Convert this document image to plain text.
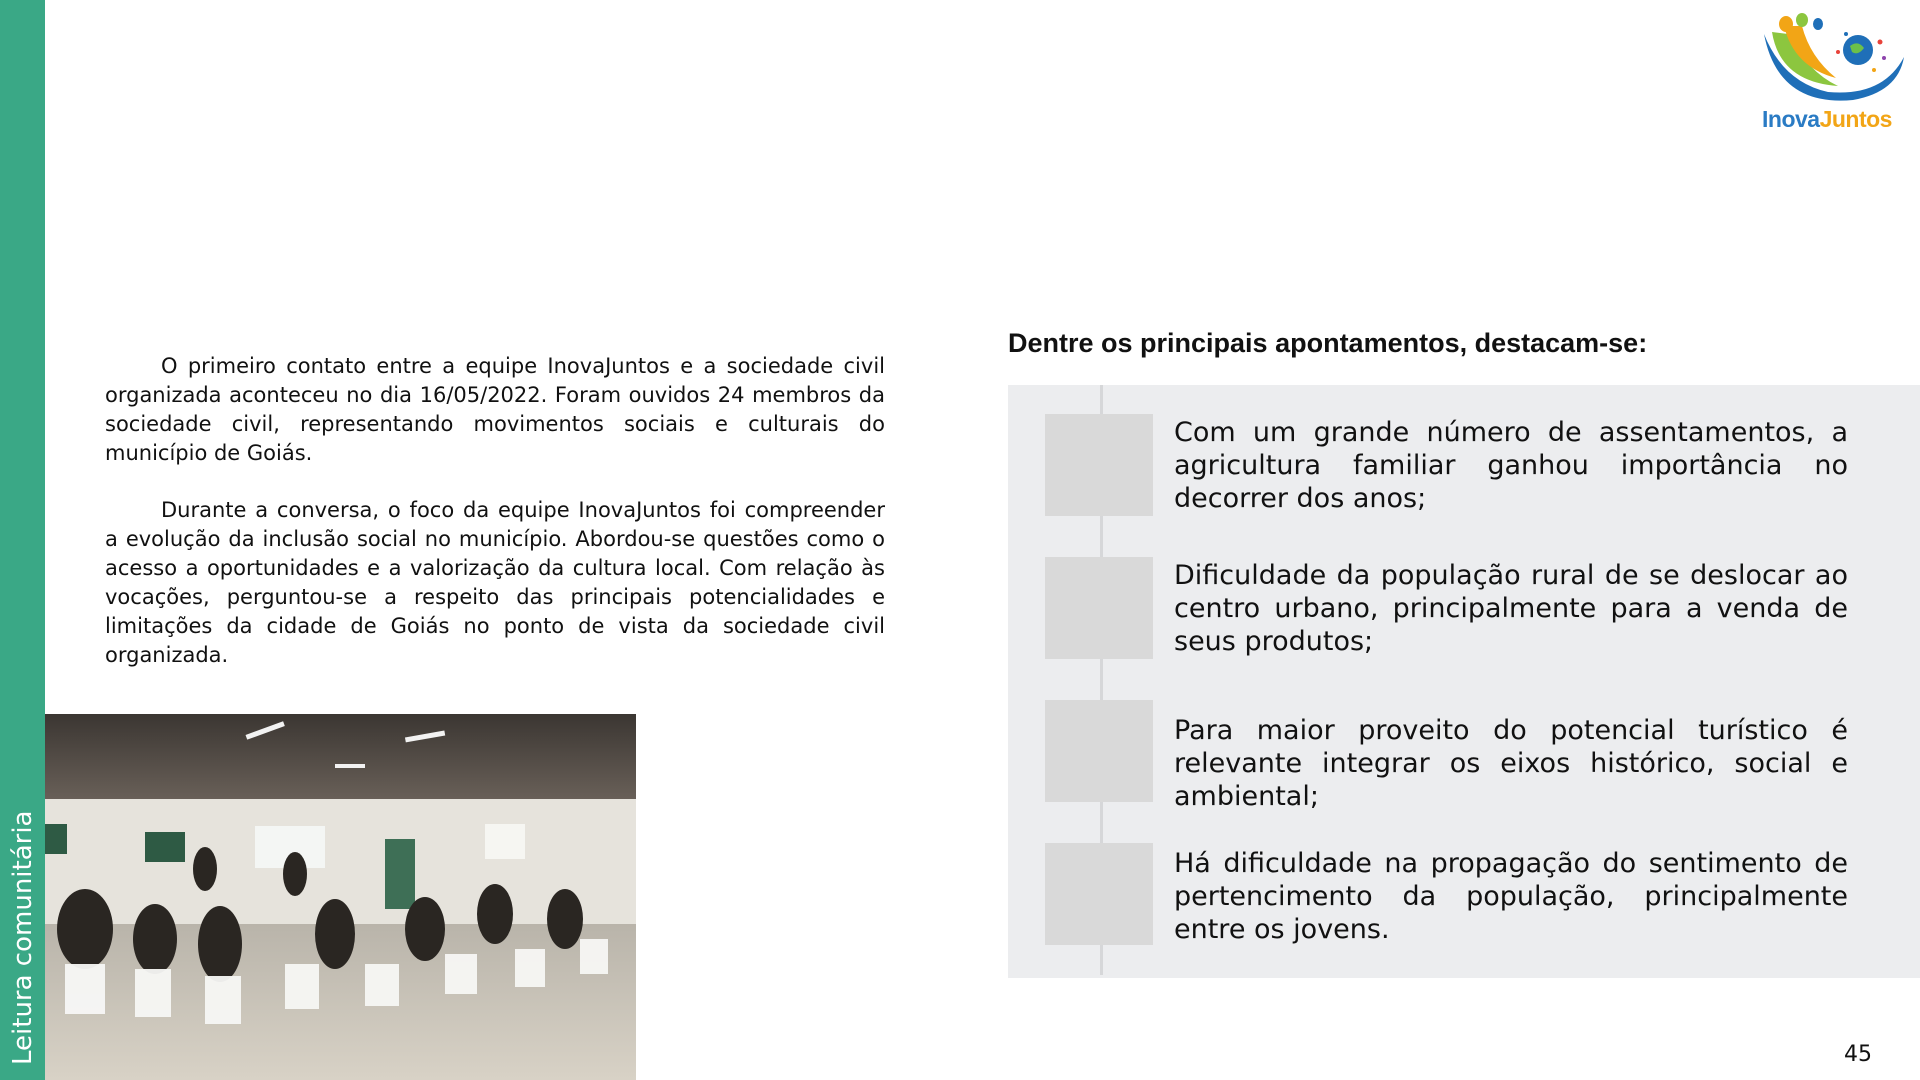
Leitura comunitária
InovaJuntos

O primeiro contato entre a equipe InovaJuntos e a sociedade civil organizada aconteceu no dia 16/05/2022. Foram ouvidos 24 membros da sociedade civil, representando movimentos sociais e culturais do município de Goiás.

Durante a conversa, o foco da equipe InovaJuntos foi compreender a evolução da inclusão social no município. Abordou-se questões como o acesso a oportunidades e a valorização da cultura local. Com relação às vocações, perguntou-se a respeito das principais potencialidades e limitações da cidade de Goiás no ponto de vista da sociedade civil organizada.

Dentre os principais apontamentos, destacam-se:
Com um grande número de assentamentos, a agricultura familiar ganhou importância no decorrer dos anos;
Dificuldade da população rural de se deslocar ao centro urbano, principalmente para a venda de seus produtos;
Para maior proveito do potencial turístico é relevante integrar os eixos histórico, social e ambiental;
Há dificuldade na propagação do sentimento de pertencimento da população, principalmente entre os jovens.
45
